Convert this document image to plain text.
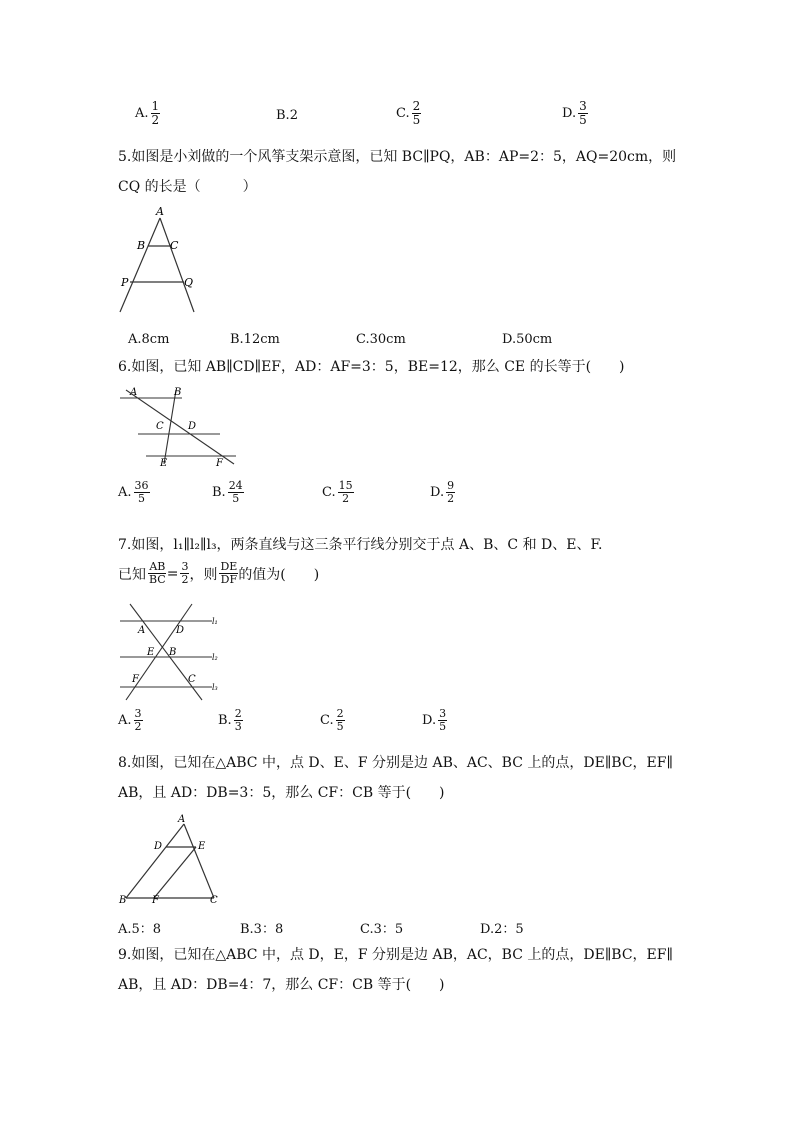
A. $\frac{1}{2}$	B. 2	C. $\frac{2}{5}$	D. $\frac{3}{5}$
5.如图是小刘做的一个风筝支架示意图，已知 BC∥PQ，AB：AP=2：5，AQ=20cm，则
CQ 的长是（　　　）
A
B C
P	Q
A.8cm	B.12cm	C.30cm	D.50cm
6.如图，已知 AB∥CD∥EF，AD：AF=3：5，BE=12，那么 CE 的长等于(　　)
A	B
C D
E	F
A. $\frac{36}{5}$	B. $\frac{24}{5}$	C. $\frac{15}{2}$	D. $\frac{9}{2}$
7.如图，l₁∥l₂∥l₃，两条直线与这三条平行线分别交于点 A、B、C 和 D、E、F.
已知 $\frac{AB}{BC} = \frac{3}{2}$ ，则 $\frac{DE}{DF}$ 的值为(　　)
A	D
E B
F	C
l₁
l₂
l₃
A. $\frac{3}{2}$	B. $\frac{2}{3}$	C. $\frac{2}{5}$	D. $\frac{3}{5}$
8.如图，已知在△ABC 中，点 D、E、F 分别是边 AB、AC、BC 上的点，DE∥BC，EF∥
AB，且 AD：DB=3：5，那么 CF：CB 等于(　　)
A
D	E
B	F	C
A.5：8	B.3：8	C.3：5	D.2：5
9.如图，已知在△ABC 中，点 D，E，F 分别是边 AB，AC，BC 上的点，DE∥BC，EF∥
AB，且 AD：DB=4：7，那么 CF：CB 等于(　　)
